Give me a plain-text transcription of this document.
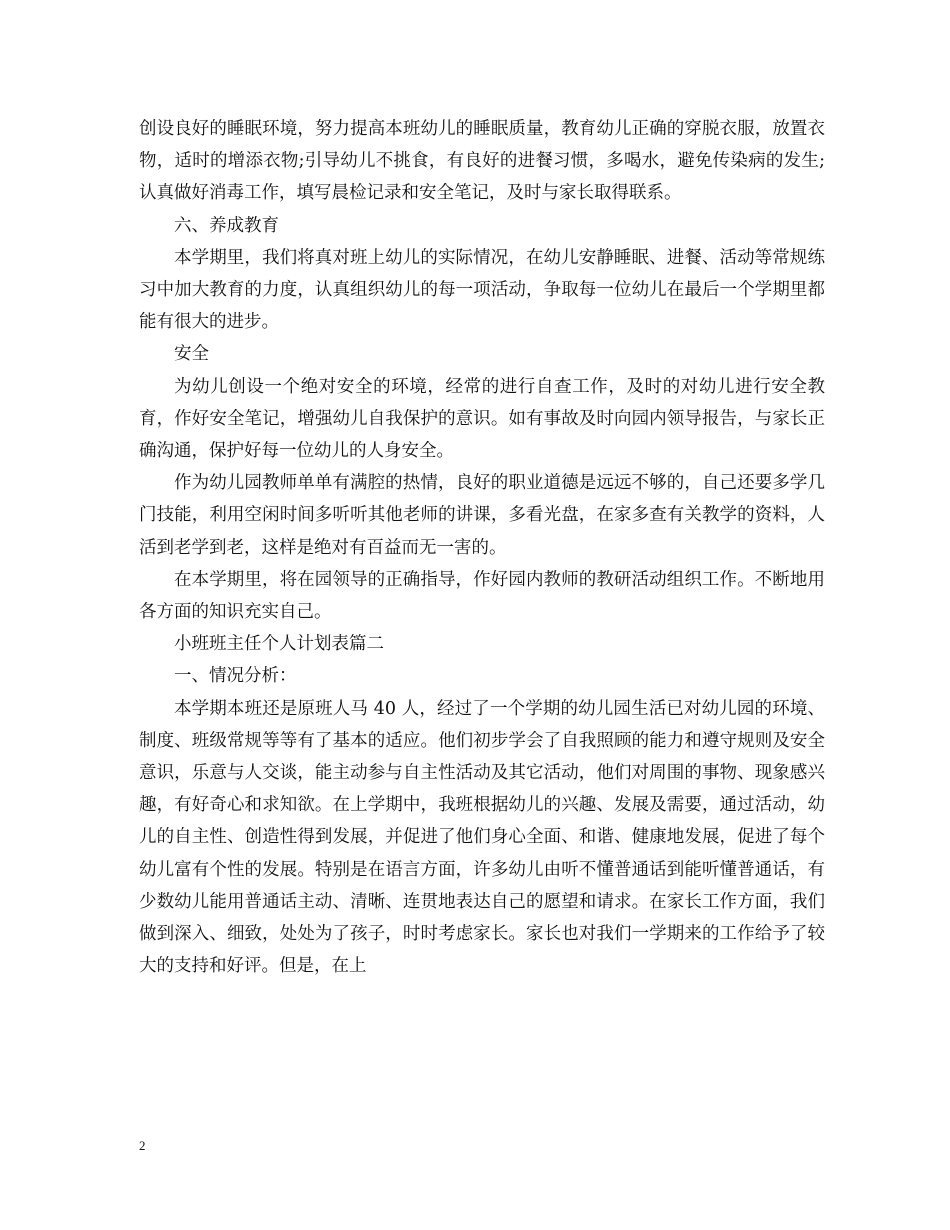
创设良好的睡眠环境，努力提高本班幼儿的睡眠质量，教育幼儿正确的穿脱衣服，放置衣物，适时的增添衣物;引导幼儿不挑食，有良好的进餐习惯，多喝水，避免传染病的发生;认真做好消毒工作，填写晨检记录和安全笔记，及时与家长取得联系。

六、养成教育

本学期里，我们将真对班上幼儿的实际情况，在幼儿安静睡眠、进餐、活动等常规练习中加大教育的力度，认真组织幼儿的每一项活动，争取每一位幼儿在最后一个学期里都能有很大的进步。

安全

为幼儿创设一个绝对安全的环境，经常的进行自查工作，及时的对幼儿进行安全教育，作好安全笔记，增强幼儿自我保护的意识。如有事故及时向园内领导报告，与家长正确沟通，保护好每一位幼儿的人身安全。

作为幼儿园教师单单有满腔的热情，良好的职业道德是远远不够的，自己还要多学几门技能，利用空闲时间多听听其他老师的讲课，多看光盘，在家多查有关教学的资料，人活到老学到老，这样是绝对有百益而无一害的。

在本学期里，将在园领导的正确指导，作好园内教师的教研活动组织工作。不断地用各方面的知识充实自己。

小班班主任个人计划表篇二

一、情况分析：

本学期本班还是原班人马 40 人，经过了一个学期的幼儿园生活已对幼儿园的环境、制度、班级常规等等有了基本的适应。他们初步学会了自我照顾的能力和遵守规则及安全意识，乐意与人交谈，能主动参与自主性活动及其它活动，他们对周围的事物、现象感兴趣，有好奇心和求知欲。在上学期中，我班根据幼儿的兴趣、发展及需要，通过活动，幼儿的自主性、创造性得到发展，并促进了他们身心全面、和谐、健康地发展，促进了每个幼儿富有个性的发展。特别是在语言方面，许多幼儿由听不懂普通话到能听懂普通话，有少数幼儿能用普通话主动、清晰、连贯地表达自己的愿望和请求。在家长工作方面，我们做到深入、细致，处处为了孩子，时时考虑家长。家长也对我们一学期来的工作给予了较大的支持和好评。但是，在上

2
